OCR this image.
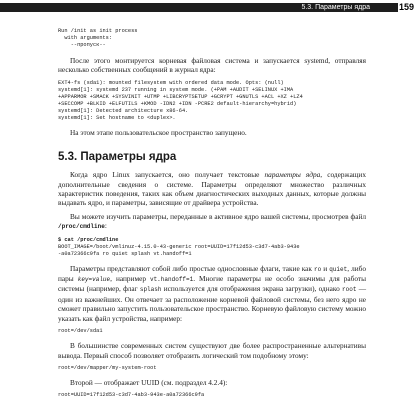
5.3. Параметры ядра	159
Run /init as init process
with arguments:
--пропуск--

После этого монтируется корневая файловая система и запускается systemd, отправляя несколько собственных сообщений в журнал ядра:

EXT4-fs (sda1): mounted filesystem with ordered data mode. Opts: (null)
systemd[1]: systemd 237 running in system mode. (+PAM +AUDIT +SELINUX +IMA
+APPARMOR +SMACK +SYSVINIT +UTMP +LIBCRYPTSETUP +GCRYPT +GNUTLS +ACL +XZ +LZ4
+SECCOMP +BLKID +ELFUTILS +KMOD -IDN2 +IDN -PCRE2 default-hierarchy=hybrid)
systemd[1]: Detected architecture x86-64.
systemd[1]: Set hostname to <duplex>.

На этом этапе пользовательское пространство запущено.

5.3. Параметры ядра

Когда ядро Linux запускается, оно получает текстовые параметры ядра, содержащих дополнительные сведения о системе. Параметры определяют множество различных характеристик поведения, таких как объем диагностических выходных данных, которые должны выдавать ядро, и параметры, зависящие от драйвера устройства.

Вы можете изучить параметры, переданные в активное ядро вашей системы, просмотрев файл /proc/cmdline:

$ cat /proc/cmdline
BOOT_IMAGE=/boot/vmlinuz-4.15.0-43-generic root=UUID=17f12d53-c3d7-4ab3-943e
-a0a72366c9fa ro quiet splash vt.handoff=1

Параметры представляют собой либо простые однословные флаги, такие как ro и quiet, либо пары key=value, например vt.handoff=1. Многие параметры не особо значимы для работы системы (например, флаг splash используется для отображения экрана загрузки), однако root — один из важнейших. Он отвечает за расположение корневой файловой системы, без него ядро не сможет правильно запустить пользовательское пространство. Корневую файловую систему можно указать как файл устройства, например:

root=/dev/sda1

В большинстве современных систем существуют две более распространенные альтернативы вывода. Первый способ позволяет отобразить логический том подобному этому:

root=/dev/mapper/my-system-root

Второй — отображает UUID (см. подраздел 4.2.4):

root=UUID=17f12d53-c3d7-4ab3-943e-a0a72366c9fa
